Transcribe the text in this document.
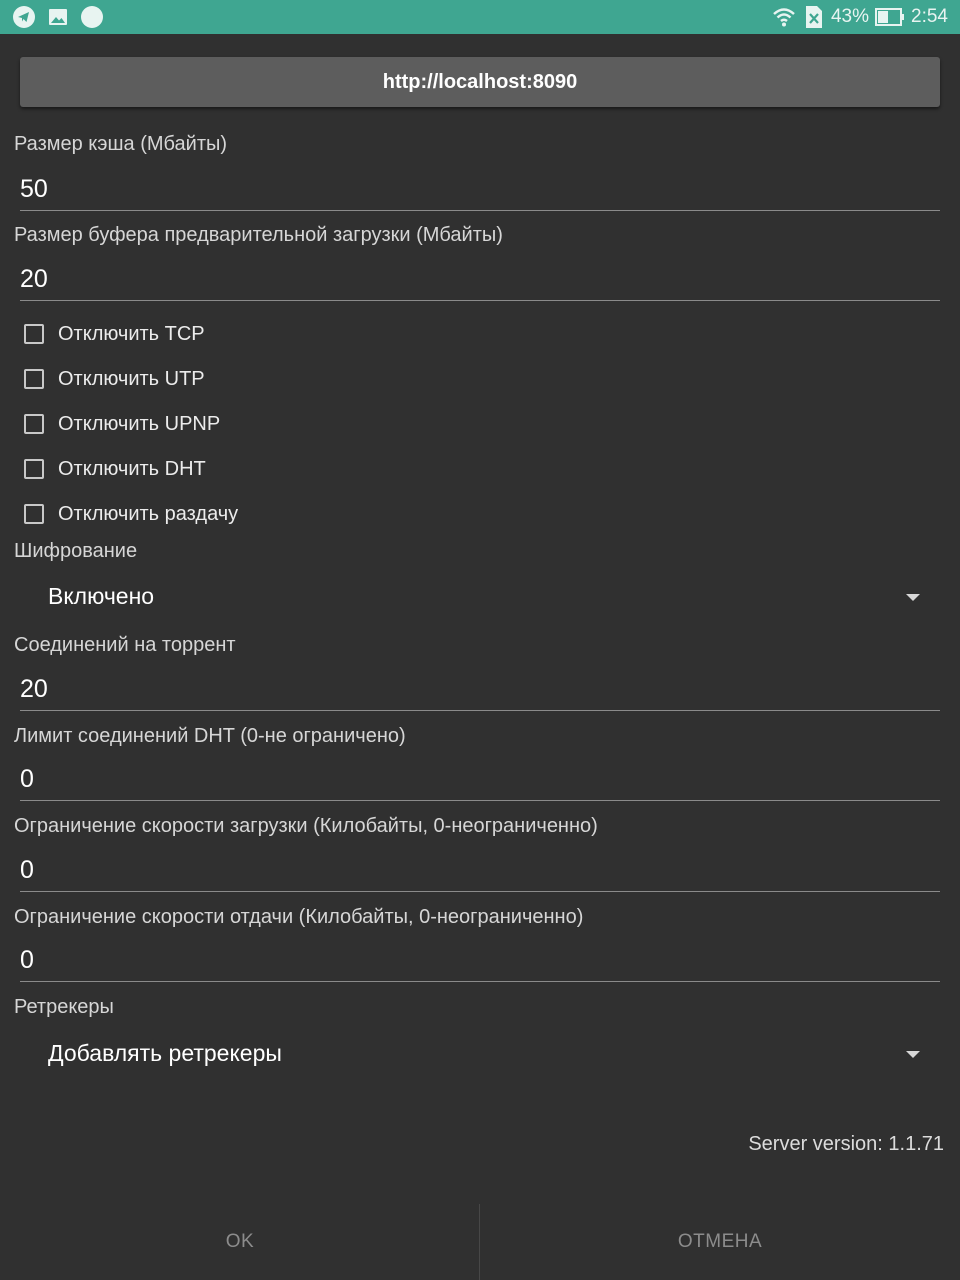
43% 2:54
http://localhost:8090
Размер кэша (Мбайты)
50
Размер буфера предварительной загрузки (Мбайты)
20
Отключить TCP
Отключить UTP
Отключить UPNP
Отключить DHT
Отключить раздачу
Шифрование
Включено
Соединений на торрент
20
Лимит соединений DHT (0-не ограничено)
0
Ограничение скорости загрузки (Килобайты, 0-неограниченно)
0
Ограничение скорости отдачи (Килобайты, 0-неограниченно)
0
Ретрекеры
Добавлять ретрекеры
Server version: 1.1.71
OK	ОТМЕНА
